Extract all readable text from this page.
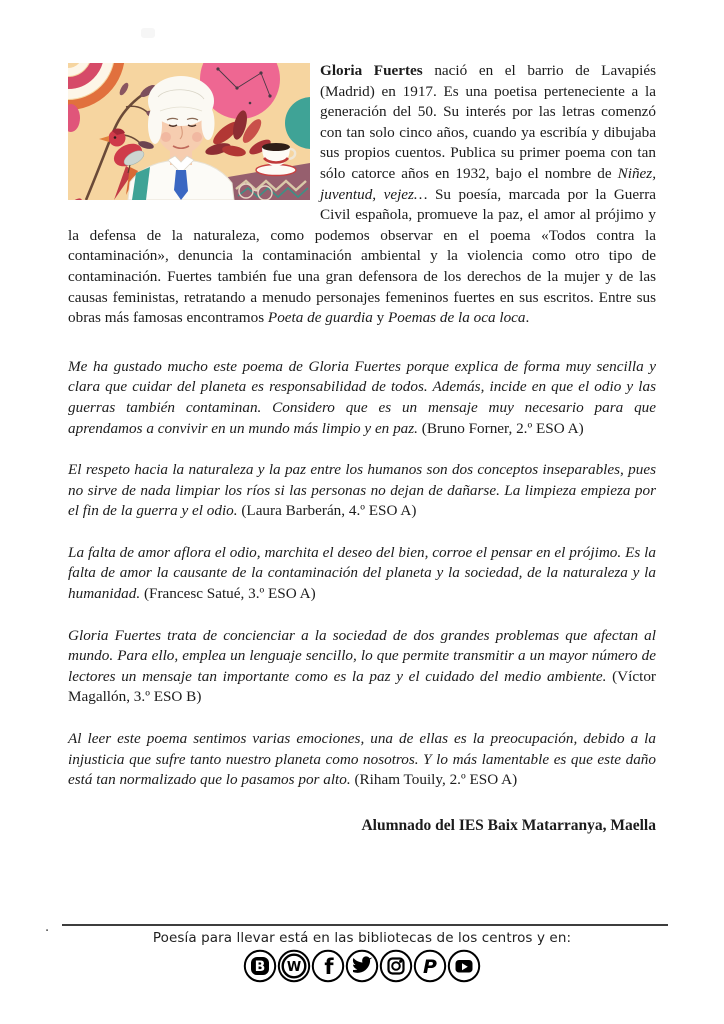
Gloria Fuertes nació en el barrio de Lavapiés (Madrid) en 1917. Es una poetisa perteneciente a la generación del 50. Su interés por las letras comenzó con tan solo cinco años, cuando ya escribía y dibujaba sus propios cuentos. Publica su primer poema con tan sólo catorce años en 1932, bajo el nombre de Niñez, juventud, vejez… Su poesía, marcada por la Guerra Civil española, promueve la paz, el amor al prójimo y la defensa de la naturaleza, como podemos observar en el poema «Todos contra la contaminación», denuncia la contaminación ambiental y la violencia como otro tipo de contaminación. Fuertes también fue una gran defensora de los derechos de la mujer y de las causas feministas, retratando a menudo personajes femeninos fuertes en sus escritos. Entre sus obras más famosas encontramos Poeta de guardia y Poemas de la oca loca.

Me ha gustado mucho este poema de Gloria Fuertes porque explica de forma muy sencilla y clara que cuidar del planeta es responsabilidad de todos. Además, incide en que el odio y las guerras también contaminan. Considero que es un mensaje muy necesario para que aprendamos a convivir en un mundo más limpio y en paz. (Bruno Forner, 2.º ESO A)

El respeto hacia la naturaleza y la paz entre los humanos son dos conceptos inseparables, pues no sirve de nada limpiar los ríos si las personas no dejan de dañarse. La limpieza empieza por el fin de la guerra y el odio. (Laura Barberán, 4.º ESO A)

La falta de amor aflora el odio, marchita el deseo del bien, corroe el pensar en el prójimo. Es la falta de amor la causante de la contaminación del planeta y la sociedad, de la naturaleza y la humanidad. (Francesc Satué, 3.º ESO A)

Gloria Fuertes trata de concienciar a la sociedad de dos grandes problemas que afectan al mundo. Para ello, emplea un lenguaje sencillo, lo que permite transmitir a un mayor número de lectores un mensaje tan importante como es la paz y el cuidado del medio ambiente. (Víctor Magallón, 3.º ESO B)

Al leer este poema sentimos varias emociones, una de ellas es la preocupación, debido a la injusticia que sufre tanto nuestro planeta como nosotros. Y lo más lamentable es que este daño está tan normalizado que lo pasamos por alto. (Riham Touily, 2.º ESO A)

Alumnado del IES Baix Matarranya, Maella
.
Poesía para llevar está en las bibliotecas de los centros y en:
B W f	P
